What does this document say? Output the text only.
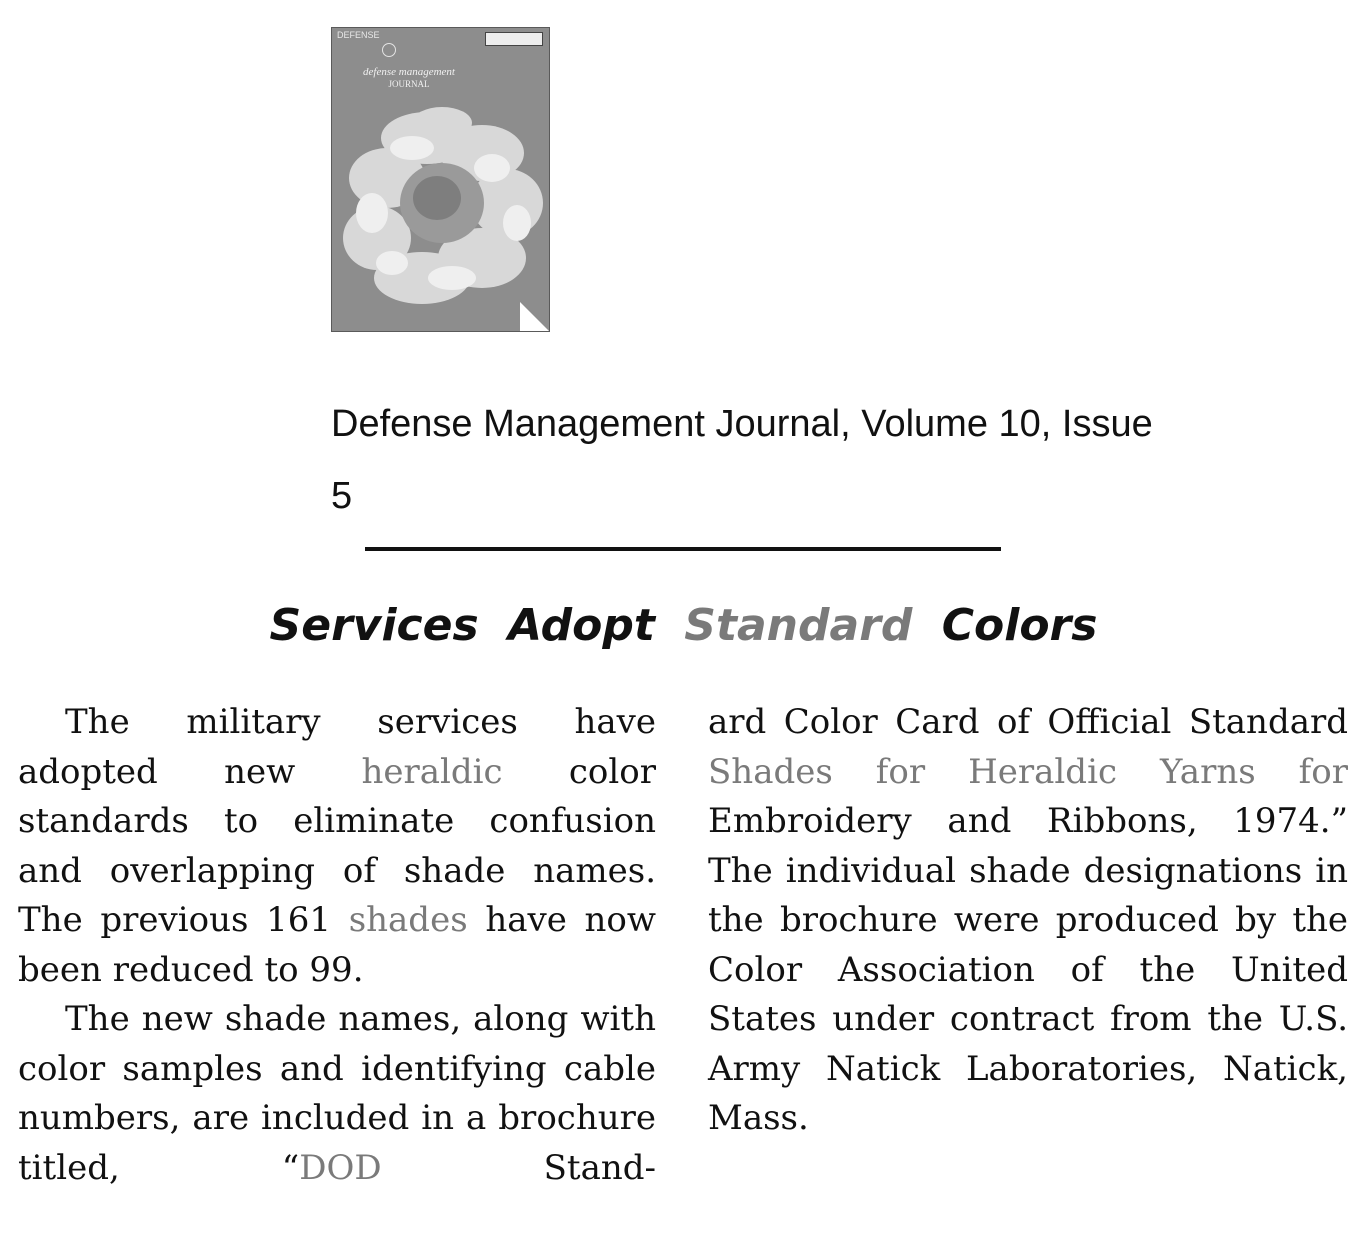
DEFENSE
defense management
JOURNAL
Defense Management Journal, Volume 10, Issue 5
Services Adopt Standard Colors

The military services have adopted new heraldic color standards to eliminate confusion and overlapping of shade names. The previous 161 shades have now been reduced to 99.

The new shade names, along with color samples and identifying cable numbers, are included in a brochure titled, “DOD Stand-

ard Color Card of Official Standard Shades for Heraldic Yarns for Embroidery and Ribbons, 1974.” The individual shade designations in the brochure were produced by the Color Association of the United States under contract from the U.S. Army Natick Laboratories, Natick, Mass.
